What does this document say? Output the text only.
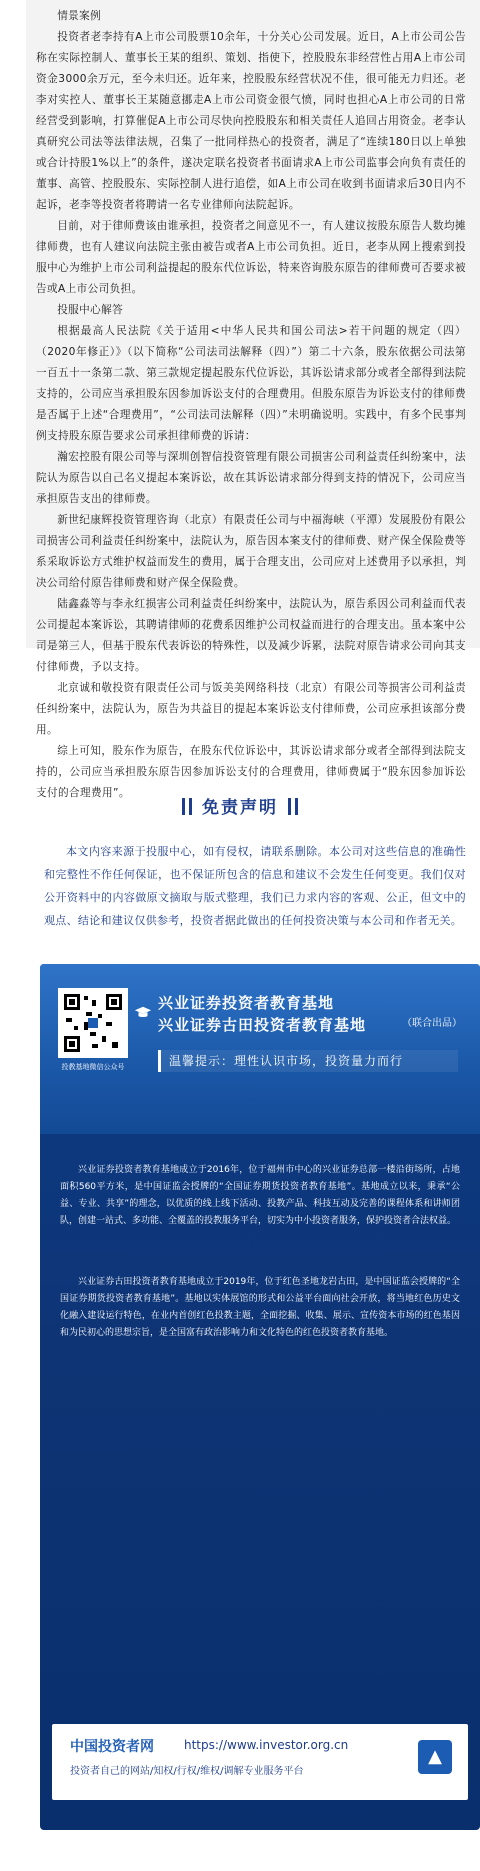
情景案例

投资者老李持有A上市公司股票10余年，十分关心公司发展。近日，A上市公司公告称在实际控制人、董事长王某的组织、策划、指使下，控股股东非经营性占用A上市公司资金3000余万元，至今未归还。近年来，控股股东经营状况不佳，很可能无力归还。老李对实控人、董事长王某随意挪走A上市公司资金很气愤，同时也担心A上市公司的日常经营受到影响，打算催促A上市公司尽快向控股股东和相关责任人追回占用资金。老李认真研究公司法等法律法规，召集了一批同样热心的投资者，满足了“连续180日以上单独或合计持股1%以上”的条件，遂决定联名投资者书面请求A上市公司监事会向负有责任的董事、高管、控股股东、实际控制人进行追偿，如A上市公司在收到书面请求后30日内不起诉，老李等投资者将聘请一名专业律师向法院起诉。

目前，对于律师费该由谁承担，投资者之间意见不一，有人建议按股东原告人数均摊律师费，也有人建议向法院主张由被告或者A上市公司负担。近日，老李从网上搜索到投服中心为维护上市公司利益提起的股东代位诉讼，特来咨询股东原告的律师费可否要求被告或A上市公司负担。

投服中心解答

根据最高人民法院《关于适用<中华人民共和国公司法>若干问题的规定（四）（2020年修正）》（以下简称“公司法司法解释（四）”）第二十六条，股东依据公司法第一百五十一条第二款、第三款规定提起股东代位诉讼，其诉讼请求部分或者全部得到法院支持的，公司应当承担股东因参加诉讼支付的合理费用。但股东原告为诉讼支付的律师费是否属于上述“合理费用”，“公司法司法解释（四）”未明确说明。实践中，有多个民事判例支持股东原告要求公司承担律师费的诉请：

瀚宏控股有限公司等与深圳创智信投资管理有限公司损害公司利益责任纠纷案中，法院认为原告以自己名义提起本案诉讼，故在其诉讼请求部分得到支持的情况下，公司应当承担原告支出的律师费。

新世纪康辉投资管理咨询（北京）有限责任公司与中福海峡（平潭）发展股份有限公司损害公司利益责任纠纷案中，法院认为，原告因本案支付的律师费、财产保全保险费等系采取诉讼方式维护权益而发生的费用，属于合理支出，公司应对上述费用予以承担，判决公司给付原告律师费和财产保全保险费。

陆鑫淼等与李永红损害公司利益责任纠纷案中，法院认为，原告系因公司利益而代表公司提起本案诉讼，其聘请律师的花费系因维护公司权益而进行的合理支出。虽本案中公司是第三人，但基于股东代表诉讼的特殊性，以及减少诉累，法院对原告请求公司向其支付律师费，予以支持。

北京诚和敬投资有限责任公司与饭美美网络科技（北京）有限公司等损害公司利益责任纠纷案中，法院认为，原告为共益目的提起本案诉讼支付律师费，公司应承担该部分费用。

综上可知，股东作为原告，在股东代位诉讼中，其诉讼请求部分或者全部得到法院支持的，公司应当承担股东原告因参加诉讼支付的合理费用，律师费属于“股东因参加诉讼支付的合理费用”。

免责声明

本文内容来源于投服中心，如有侵权，请联系删除。本公司对这些信息的准确性和完整性不作任何保证，也不保证所包含的信息和建议不会发生任何变更。我们仅对公开资料中的内容做原文摘取与版式整理，我们已力求内容的客观、公正，但文中的观点、结论和建议仅供参考，投资者据此做出的任何投资决策与本公司和作者无关。

投教基地微信公众号
兴业证券投资者教育基地
兴业证券古田投资者教育基地	（联合出品）
温馨提示：理性认识市场，投资量力而行

兴业证券投资者教育基地成立于2016年，位于福州市中心的兴业证券总部一楼沿街场所，占地面积560平方米，是中国证监会授牌的“全国证券期货投资者教育基地”。基地成立以来，秉承“公益、专业、共享”的理念，以优质的线上线下活动、投教产品、科技互动及完善的课程体系和讲师团队，创建一站式、多功能、全覆盖的投教服务平台，切实为中小投资者服务，保护投资者合法权益。

兴业证券古田投资者教育基地成立于2019年，位于红色圣地龙岩古田，是中国证监会授牌的“全国证券期货投资者教育基地”。基地以实体展馆的形式和公益平台面向社会开放，将当地红色历史文化融入建设运行特色，在业内首创红色投教主题，全面挖掘、收集、展示、宣传资本市场的红色基因和为民初心的思想宗旨，是全国富有政治影响力和文化特色的红色投资者教育基地。

中国投资者网	https://www.investor.org.cn
投资者自己的网站/知权/行权/维权/调解专业服务平台
▲
